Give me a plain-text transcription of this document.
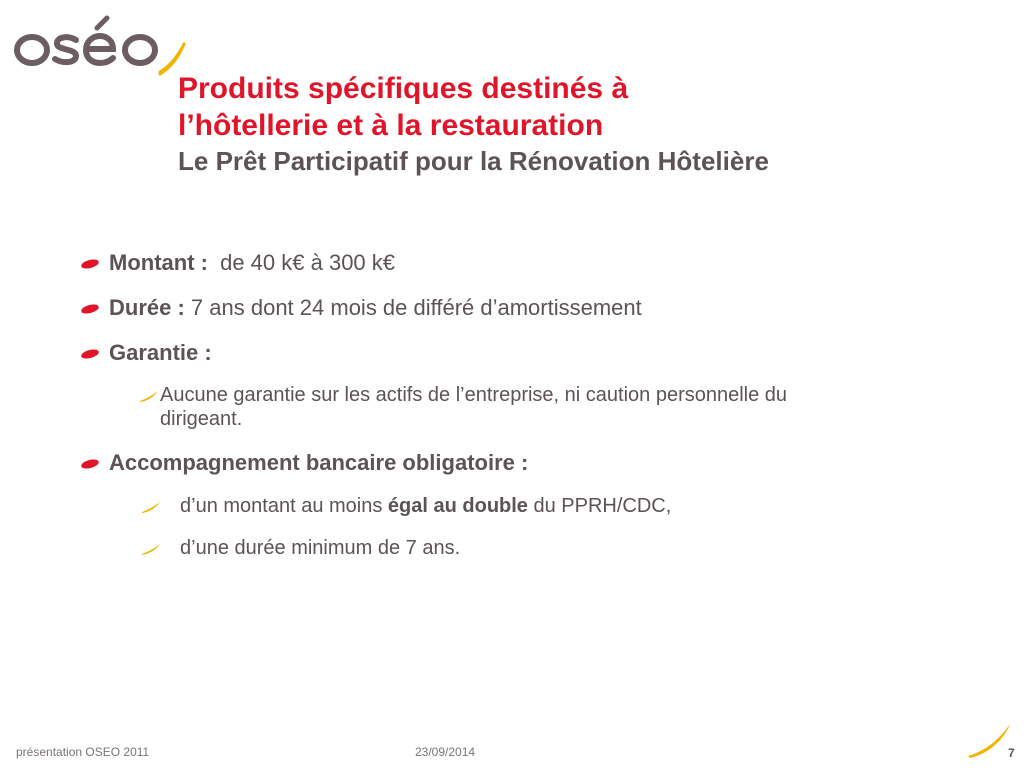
Produits spécifiques destinés à
l’hôtellerie et à la restauration
Le Prêt Participatif pour la Rénovation Hôtelière
Montant : de 40 k€ à 300 k€
Durée : 7 ans dont 24 mois de différé d’amortissement
Garantie :
Aucune garantie sur les actifs de l’entreprise, ni caution personnelle du
dirigeant.
Accompagnement bancaire obligatoire :
d’un montant au moins égal au double du PPRH/CDC,
d’une durée minimum de 7 ans.
présentation OSEO 2011	23/09/2014	7
